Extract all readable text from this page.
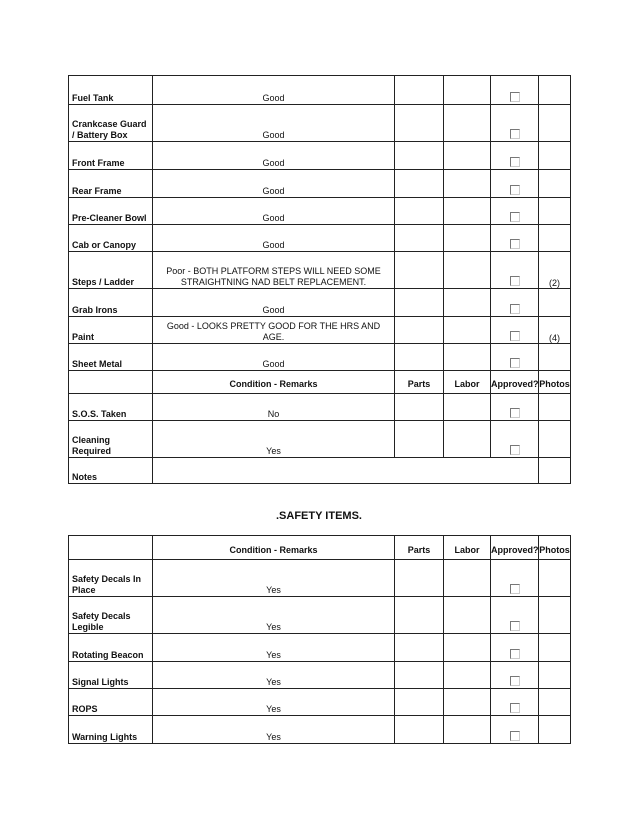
Fuel Tank	Good				
Crankcase Guard / Battery Box	Good				
Front Frame	Good				
Rear Frame	Good				
Pre-Cleaner Bowl	Good				
Cab or Canopy	Good				
Steps / Ladder	Poor - BOTH PLATFORM STEPS WILL NEED SOME STRAIGHTNING NAD BELT REPLACEMENT.				(2)
Grab Irons	Good				
Paint	Good - LOOKS PRETTY GOOD FOR THE HRS AND AGE.				(4)
Sheet Metal	Good				
	Condition - Remarks	Parts	Labor	Approved?	Photos
S.O.S. Taken	No				
Cleaning Required	Yes				
Notes					
.SAFETY ITEMS.
	Condition - Remarks	Parts	Labor	Approved?	Photos
Safety Decals In Place	Yes				
Safety Decals Legible	Yes				
Rotating Beacon	Yes				
Signal Lights	Yes				
ROPS	Yes				
Warning Lights	Yes				
